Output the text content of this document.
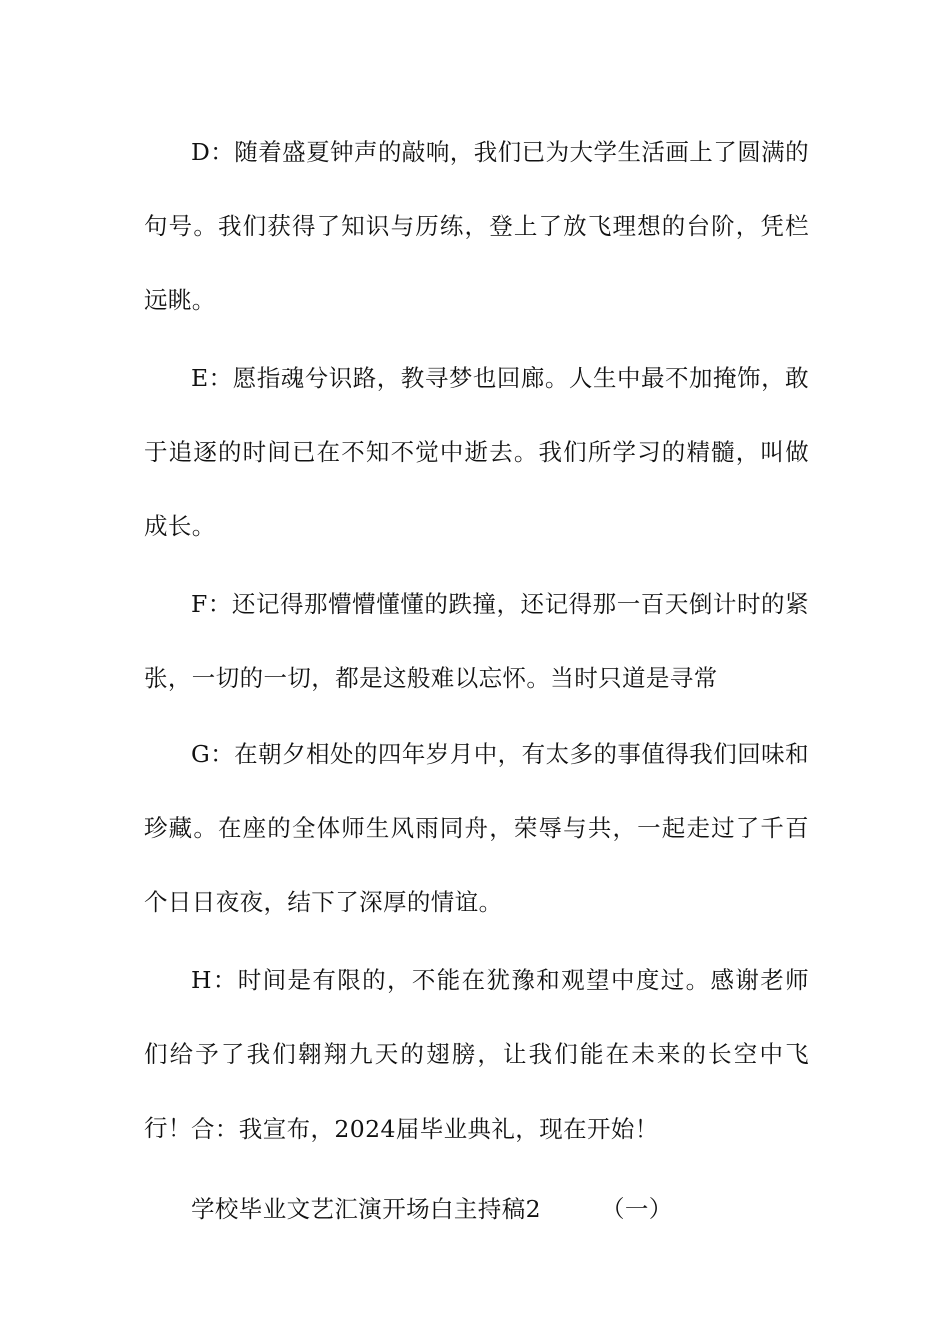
D：随着盛夏钟声的敲响，我们已为大学生活画上了圆满的句号。我们获得了知识与历练，登上了放飞理想的台阶，凭栏远眺。

E：愿指魂兮识路，教寻梦也回廊。人生中最不加掩饰，敢于追逐的时间已在不知不觉中逝去。我们所学习的精髓，叫做成长。

F：还记得那懵懵懂懂的跌撞，还记得那一百天倒计时的紧张，一切的一切，都是这般难以忘怀。当时只道是寻常

G：在朝夕相处的四年岁月中，有太多的事值得我们回味和珍藏。在座的全体师生风雨同舟，荣辱与共，一起走过了千百个日日夜夜，结下了深厚的情谊。

H：时间是有限的，不能在犹豫和观望中度过。感谢老师们给予了我们翱翔九天的翅膀，让我们能在未来的长空中飞行！ 合：我宣布，2024届毕业典礼，现在开始！

学校毕业文艺汇演开场白主持稿2	（一）
